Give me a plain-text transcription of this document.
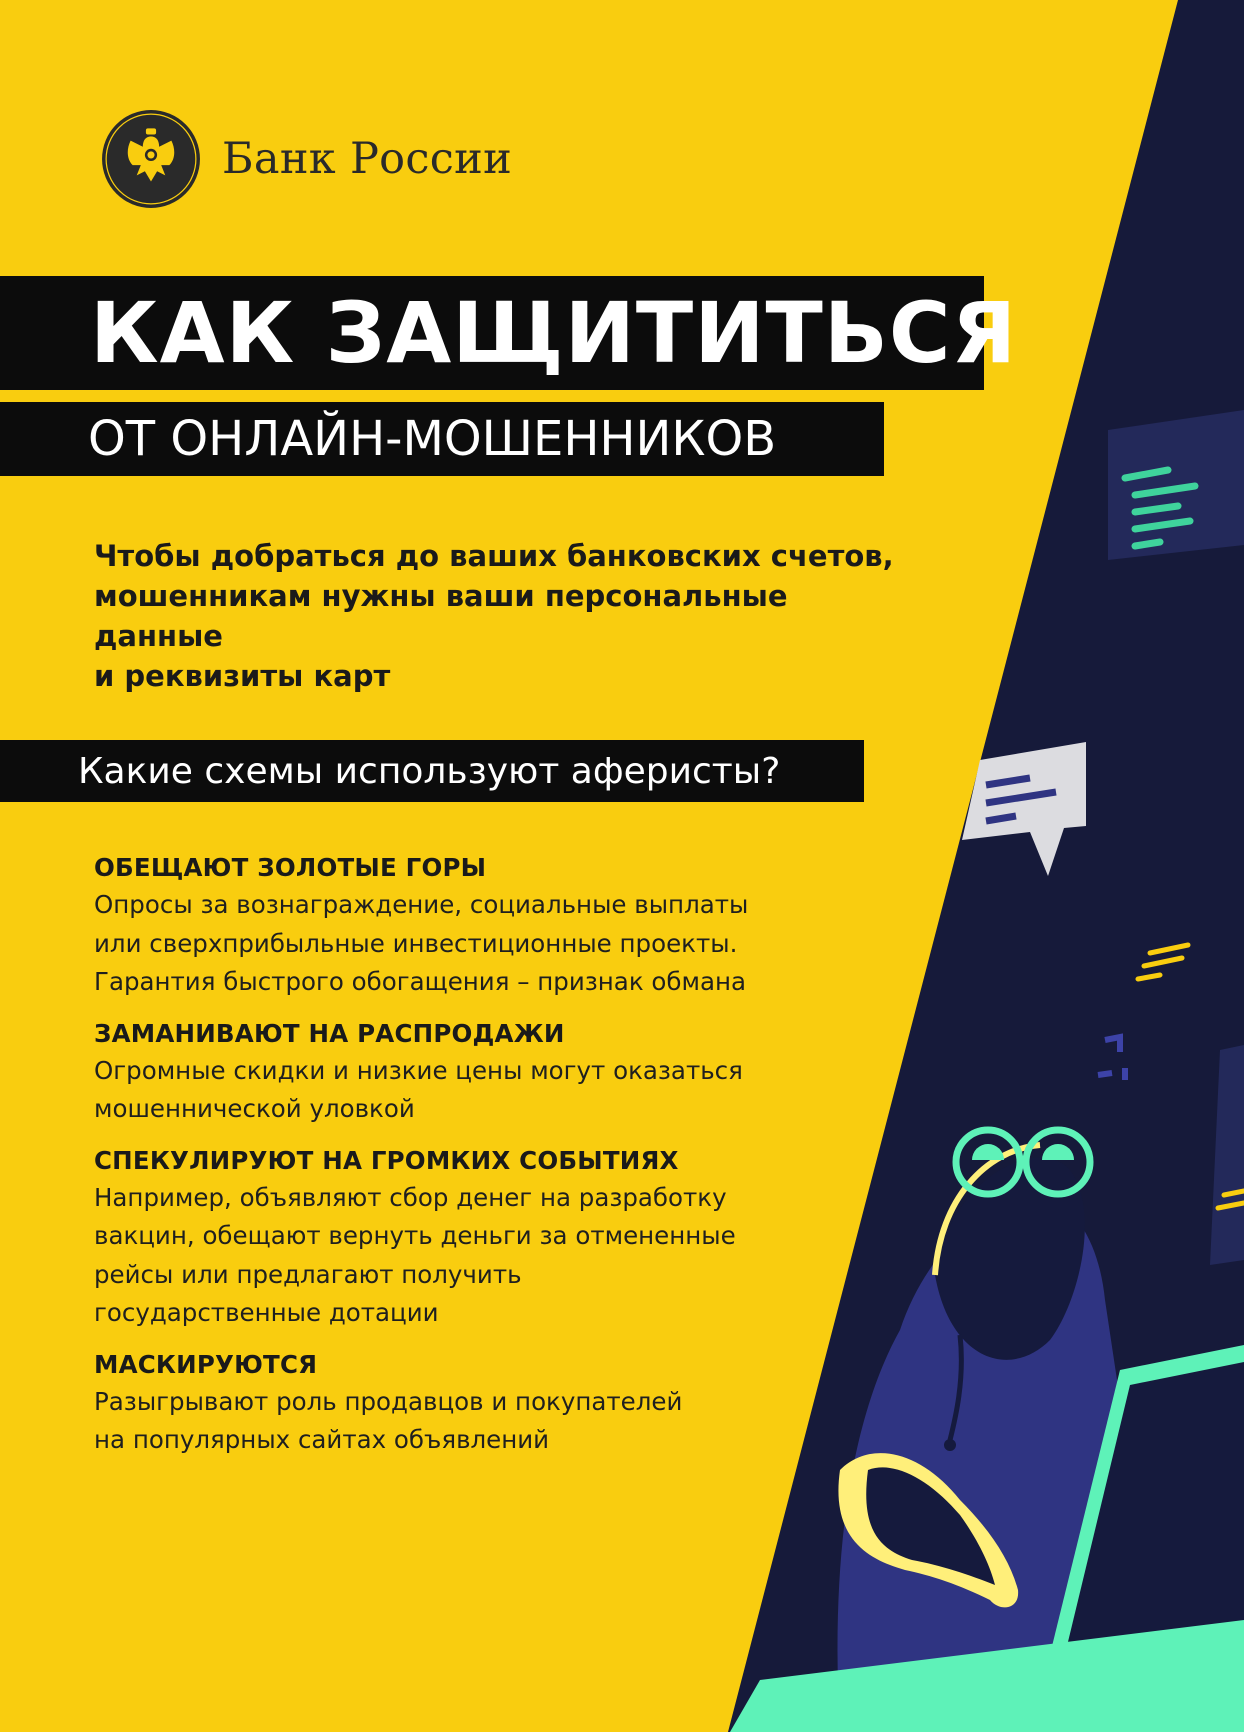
Банк России
КАК ЗАЩИТИТЬСЯ
ОТ ОНЛАЙН-МОШЕННИКОВ
Чтобы добраться до ваших банковских счетов,
мошенникам нужны ваши персональные данные
и реквизиты карт
Какие схемы используют аферисты?
ОБЕЩАЮТ ЗОЛОТЫЕ ГОРЫ
Опросы за вознаграждение, социальные выплаты
или сверхприбыльные инвестиционные проекты.
Гарантия быстрого обогащения – признак обмана
ЗАМАНИВАЮТ НА РАСПРОДАЖИ
Огромные скидки и низкие цены могут оказаться
мошеннической уловкой
СПЕКУЛИРУЮТ НА ГРОМКИХ СОБЫТИЯХ
Например, объявляют сбор денег на разработку
вакцин, обещают вернуть деньги за отмененные
рейсы или предлагают получить
государственные дотации
МАСКИРУЮТСЯ
Разыгрывают роль продавцов и покупателей
на популярных сайтах объявлений
